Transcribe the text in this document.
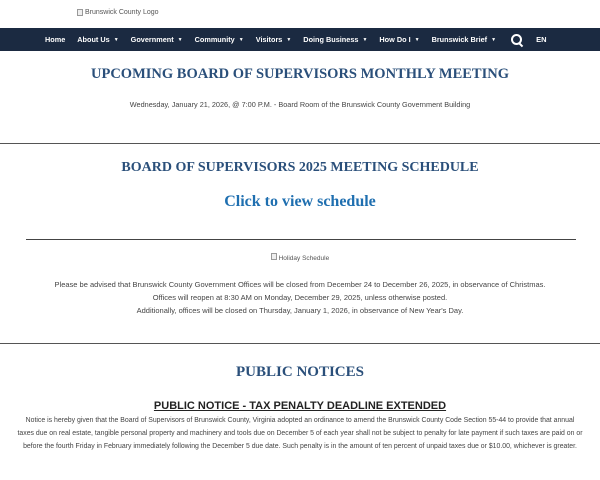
Brunswick County Logo
Home About Us ▼ Government ▼ Community ▼ Visitors ▼ Doing Business ▼ How Do I ▼ Brunswick Brief ▼	EN
UPCOMING BOARD OF SUPERVISORS MONTHLY MEETING
Wednesday, January 21, 2026, @ 7:00 P.M. - Board Room of the Brunswick County Government Building
BOARD OF SUPERVISORS 2025 MEETING SCHEDULE
Click to view schedule
Holiday Schedule
Please be advised that Brunswick County Government Offices will be closed from December 24 to December 26, 2025, in observance of Christmas.
Offices will reopen at 8:30 AM on Monday, December 29, 2025, unless otherwise posted.
Additionally, offices will be closed on Thursday, January 1, 2026, in observance of New Year's Day.
PUBLIC NOTICES
PUBLIC NOTICE - TAX PENALTY DEADLINE EXTENDED
Notice is hereby given that the Board of Supervisors of Brunswick County, Virginia adopted an ordinance to amend the Brunswick County Code Section 55-44 to provide that annual
taxes due on real estate, tangible personal property and machinery and tools due on December 5 of each year shall not be subject to penalty for late payment if such taxes are paid on or
before the fourth Friday in February immediately following the December 5 due date. Such penalty is in the amount of ten percent of unpaid taxes due or $10.00, whichever is greater.
